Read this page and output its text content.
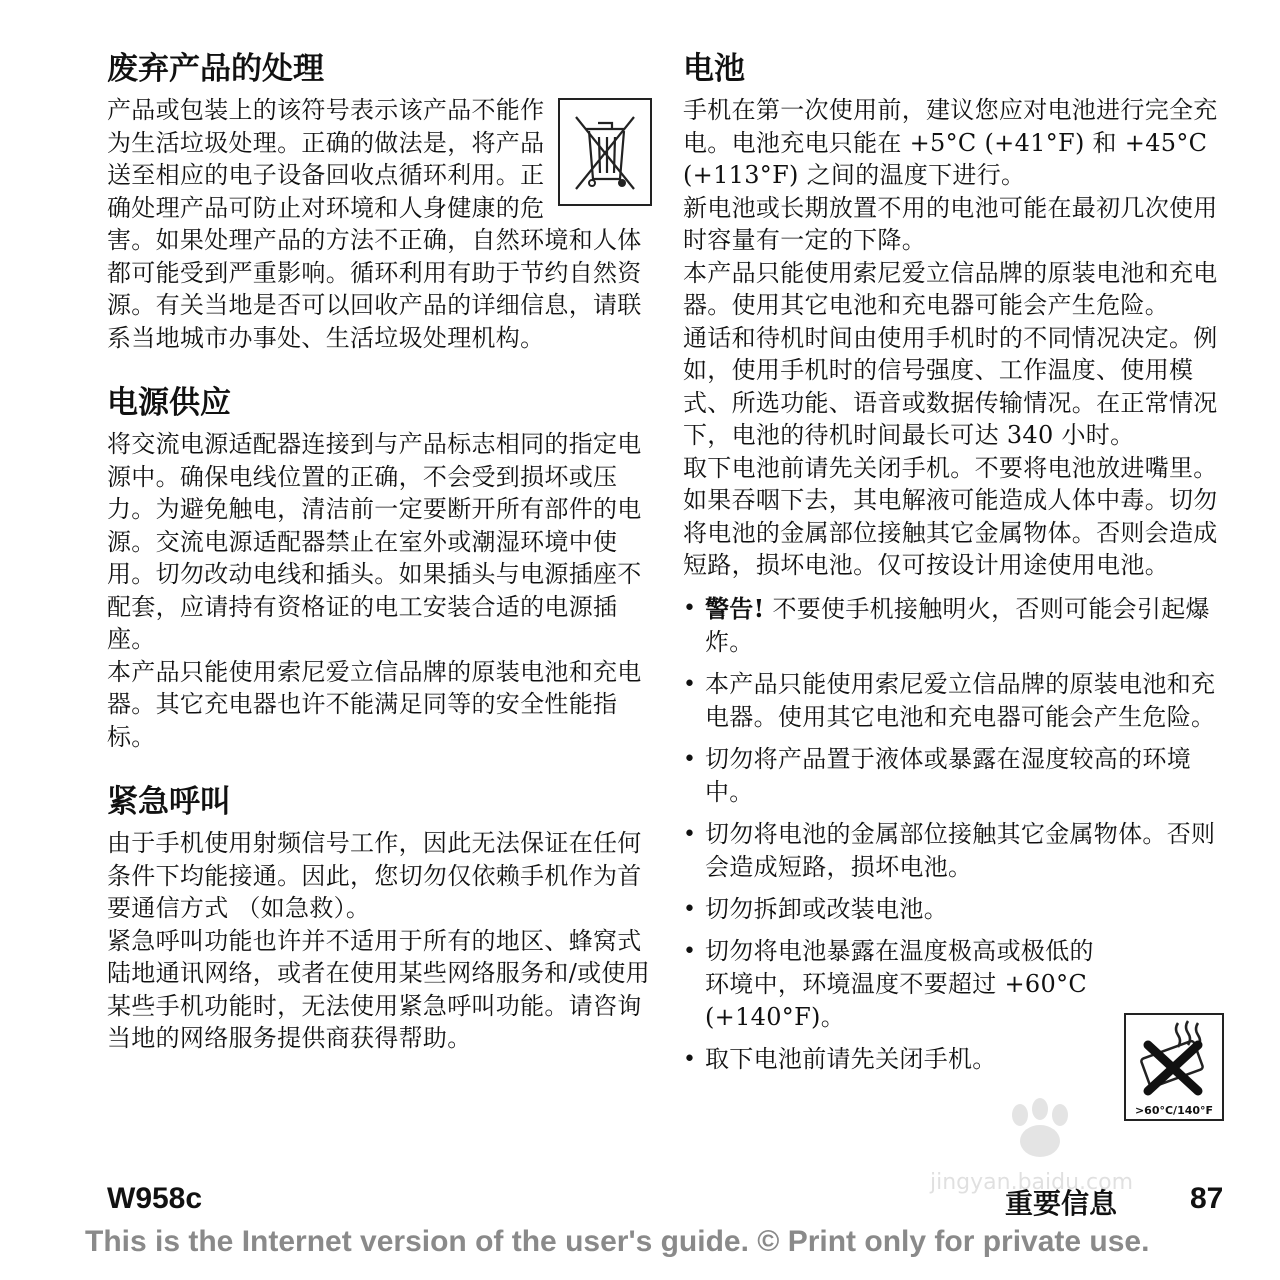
废弃产品的处理

产品或包装上的该符号表示该产品不能作为生活垃圾处理。正确的做法是，将产品送至相应的电子设备回收点循环利用。正确处理产品可防止对环境和人身健康的危害。如果处理产品的方法不正确，自然环境和人体都可能受到严重影响。循环利用有助于节约自然资源。有关当地是否可以回收产品的详细信息，请联系当地城市办事处、生活垃圾处理机构。

电源供应

将交流电源适配器连接到与产品标志相同的指定电源中。确保电线位置的正确，不会受到损坏或压力。为避免触电，清洁前一定要断开所有部件的电源。交流电源适配器禁止在室外或潮湿环境中使用。切勿改动电线和插头。如果插头与电源插座不配套，应请持有资格证的电工安装合适的电源插座。

本产品只能使用索尼爱立信品牌的原装电池和充电器。其它充电器也许不能满足同等的安全性能指标。

紧急呼叫

由于手机使用射频信号工作，因此无法保证在任何条件下均能接通。因此，您切勿仅依赖手机作为首要通信方式 （如急救）。

紧急呼叫功能也许并不适用于所有的地区、蜂窝式陆地通讯网络，或者在使用某些网络服务和/或使用某些手机功能时，无法使用紧急呼叫功能。请咨询当地的网络服务提供商获得帮助。

电池

手机在第一次使用前，建议您应对电池进行完全充电。电池充电只能在 +5°C (+41°F) 和 +45°C (+113°F) 之间的温度下进行。

新电池或长期放置不用的电池可能在最初几次使用时容量有一定的下降。

本产品只能使用索尼爱立信品牌的原装电池和充电器。使用其它电池和充电器可能会产生危险。

通话和待机时间由使用手机时的不同情况决定。例如，使用手机时的信号强度、工作温度、使用模式、所选功能、语音或数据传输情况。在正常情况下，电池的待机时间最长可达 340 小时。

取下电池前请先关闭手机。不要将电池放进嘴里。如果吞咽下去，其电解液可能造成人体中毒。切勿将电池的金属部位接触其它金属物体。否则会造成短路，损坏电池。仅可按设计用途使用电池。

• 警告! 不要使手机接触明火，否则可能会引起爆炸。
• 本产品只能使用索尼爱立信品牌的原装电池和充电器。使用其它电池和充电器可能会产生危险。
• 切勿将产品置于液体或暴露在湿度较高的环境中。
• 切勿将电池的金属部位接触其它金属物体。否则会造成短路，损坏电池。
• 切勿拆卸或改装电池。
• 切勿将电池暴露在温度极高或极低的环境中，环境温度不要超过 +60°C (+140°F)。
• 取下电池前请先关闭手机。
>60°C/140°F
jingyan.baidu.com
W958c	重要信息 87
This is the Internet version of the user's guide. © Print only for private use.
